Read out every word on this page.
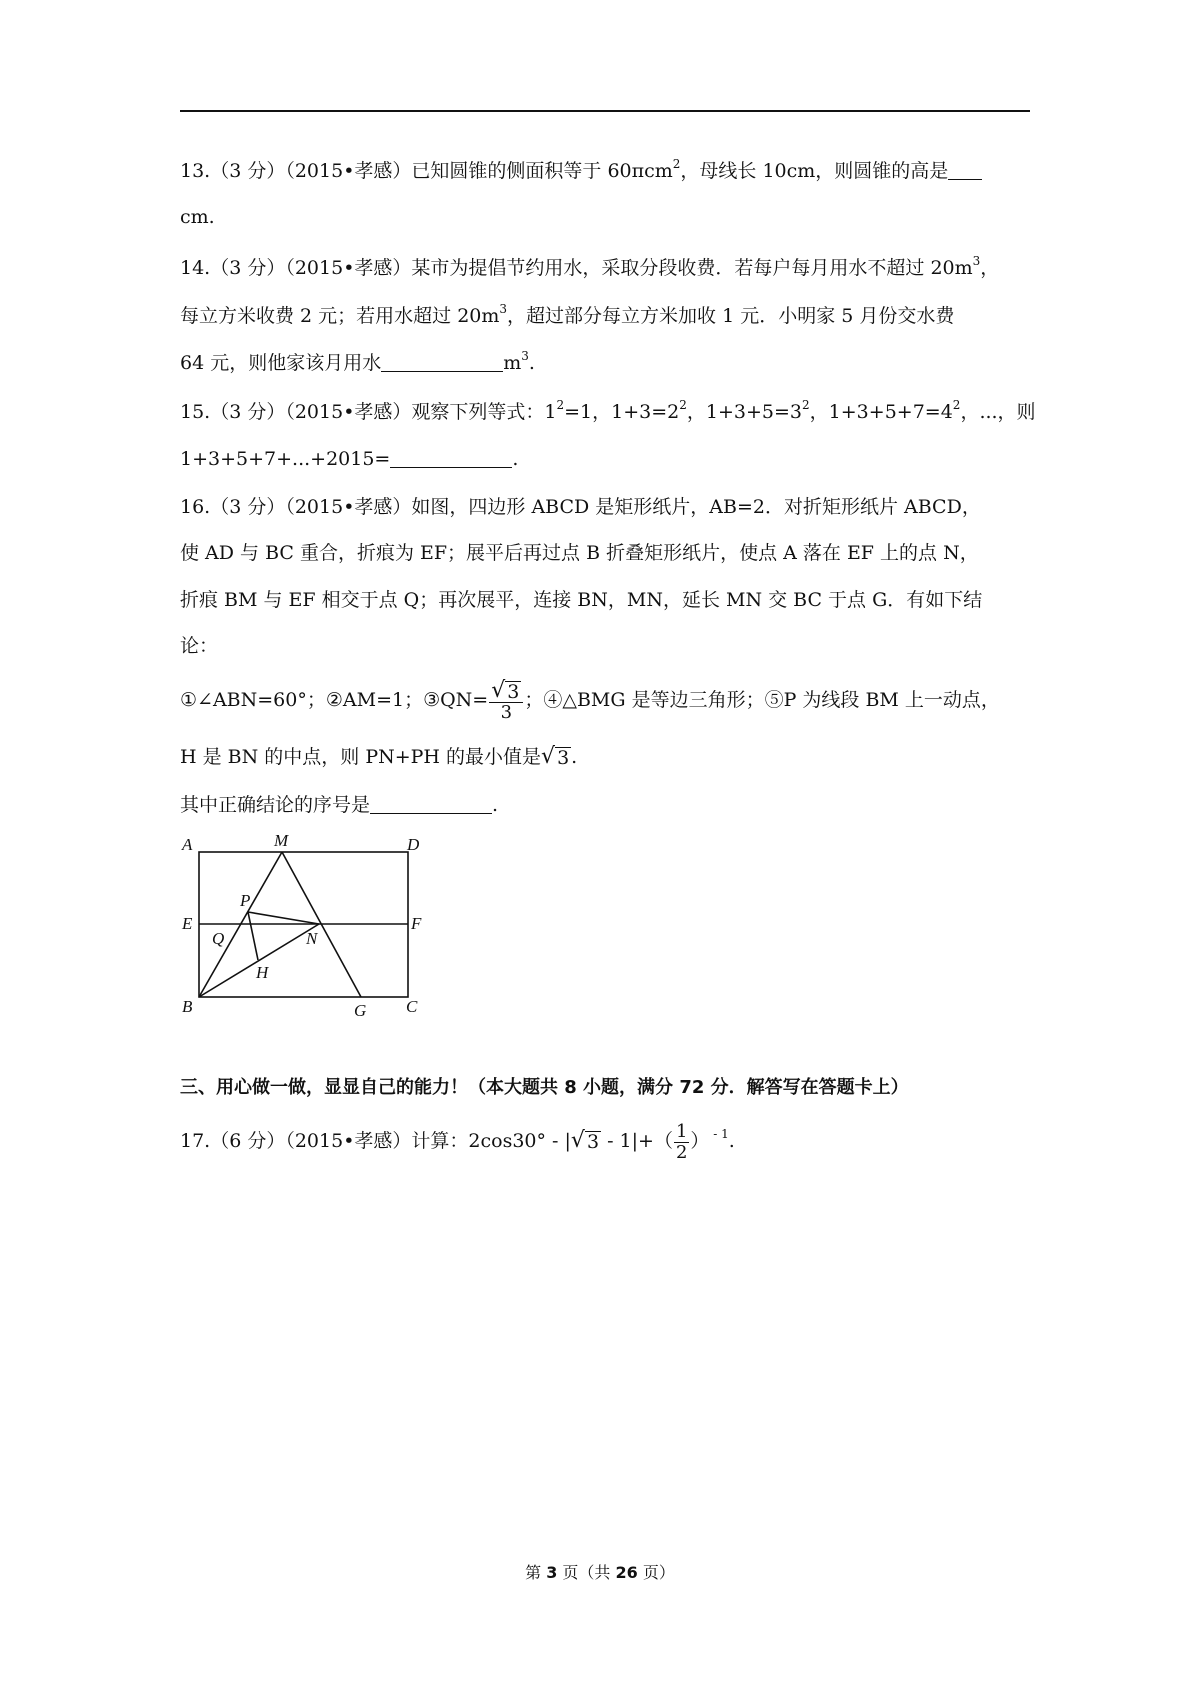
13.（3 分）（2015•孝感）已知圆锥的侧面积等于 60πcm$^2$，母线长 10cm，则圆锥的高是
cm.
14.（3 分）（2015•孝感）某市为提倡节约用水，采取分段收费．若每户每月用水不超过 $20m^3$，
每立方米收费 2 元；若用水超过 $20m^3$，超过部分每立方米加收 1 元．小明家 5 月份交水费
64 元，则他家该月用水	$m^3$.
15.（3 分）（2015•孝感）观察下列等式：$1^2=1$，$1+3=2^2$，$1+3+5=3^2$，$1+3+5+7=4^2$，...，则
1+3+5+7+...+2015=	.
16.（3 分）（2015•孝感）如图，四边形 ABCD 是矩形纸片，AB=2．对折矩形纸片 ABCD，
使 AD 与 BC 重合，折痕为 EF；展平后再过点 B 折叠矩形纸片，使点 A 落在 EF 上的点 N，
折痕 BM 与 EF 相交于点 Q；再次展平，连接 BN，MN，延长 MN 交 BC 于点 G．有如下结
论：
①∠ABN=60°；②AM=1；③QN= $\frac{√ 3}{3}$ ；④△BMG 是等边三角形；⑤P 为线段 BM 上一动点，
H 是 BN 的中点，则 PN+PH 的最小值是 √ 3 .
其中正确结论的序号是	.
A	M	D
P
E	F
Q	N
H
B	G C
三、用心做一做，显显自己的能力！（本大题共 8 小题，满分 72 分．解答写在答题卡上）
17.（6 分）（2015•孝感）计算：2cos30° - | √ $3 - 1|+( \frac{1}{2}$ ） $^{- 1}$.
第 3 页（共 26 页）
